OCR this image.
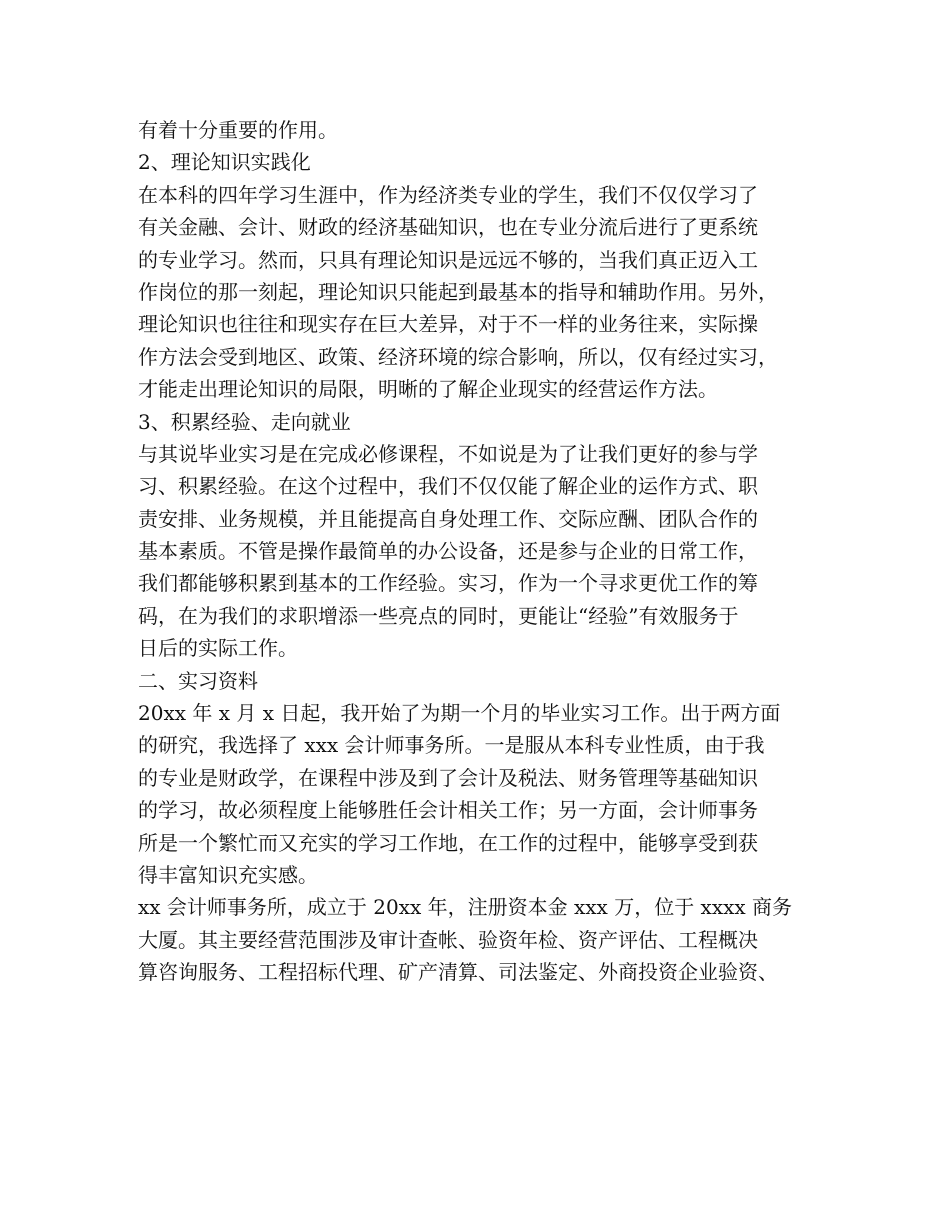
有着十分重要的作用。
2、理论知识实践化
在本科的四年学习生涯中，作为经济类专业的学生，我们不仅仅学习了
有关金融、会计、财政的经济基础知识，也在专业分流后进行了更系统
的专业学习。然而，只具有理论知识是远远不够的，当我们真正迈入工
作岗位的那一刻起，理论知识只能起到最基本的指导和辅助作用。另外，
理论知识也往往和现实存在巨大差异，对于不一样的业务往来，实际操
作方法会受到地区、政策、经济环境的综合影响，所以，仅有经过实习，
才能走出理论知识的局限，明晰的了解企业现实的经营运作方法。
3、积累经验、走向就业
与其说毕业实习是在完成必修课程，不如说是为了让我们更好的参与学
习、积累经验。在这个过程中，我们不仅仅能了解企业的运作方式、职
责安排、业务规模，并且能提高自身处理工作、交际应酬、团队合作的
基本素质。不管是操作最简单的办公设备，还是参与企业的日常工作，
我们都能够积累到基本的工作经验。实习，作为一个寻求更优工作的筹
码，在为我们的求职增添一些亮点的同时，更能让“经验”有效服务于
日后的实际工作。
二、实习资料
20xx 年 x 月 x 日起，我开始了为期一个月的毕业实习工作。出于两方面
的研究，我选择了 xxx 会计师事务所。一是服从本科专业性质，由于我
的专业是财政学，在课程中涉及到了会计及税法、财务管理等基础知识
的学习，故必须程度上能够胜任会计相关工作；另一方面，会计师事务
所是一个繁忙而又充实的学习工作地，在工作的过程中，能够享受到获
得丰富知识充实感。
xx 会计师事务所，成立于 20xx 年，注册资本金 xxx 万，位于 xxxx 商务
大厦。其主要经营范围涉及审计查帐、验资年检、资产评估、工程概决
算咨询服务、工程招标代理、矿产清算、司法鉴定、外商投资企业验资、
